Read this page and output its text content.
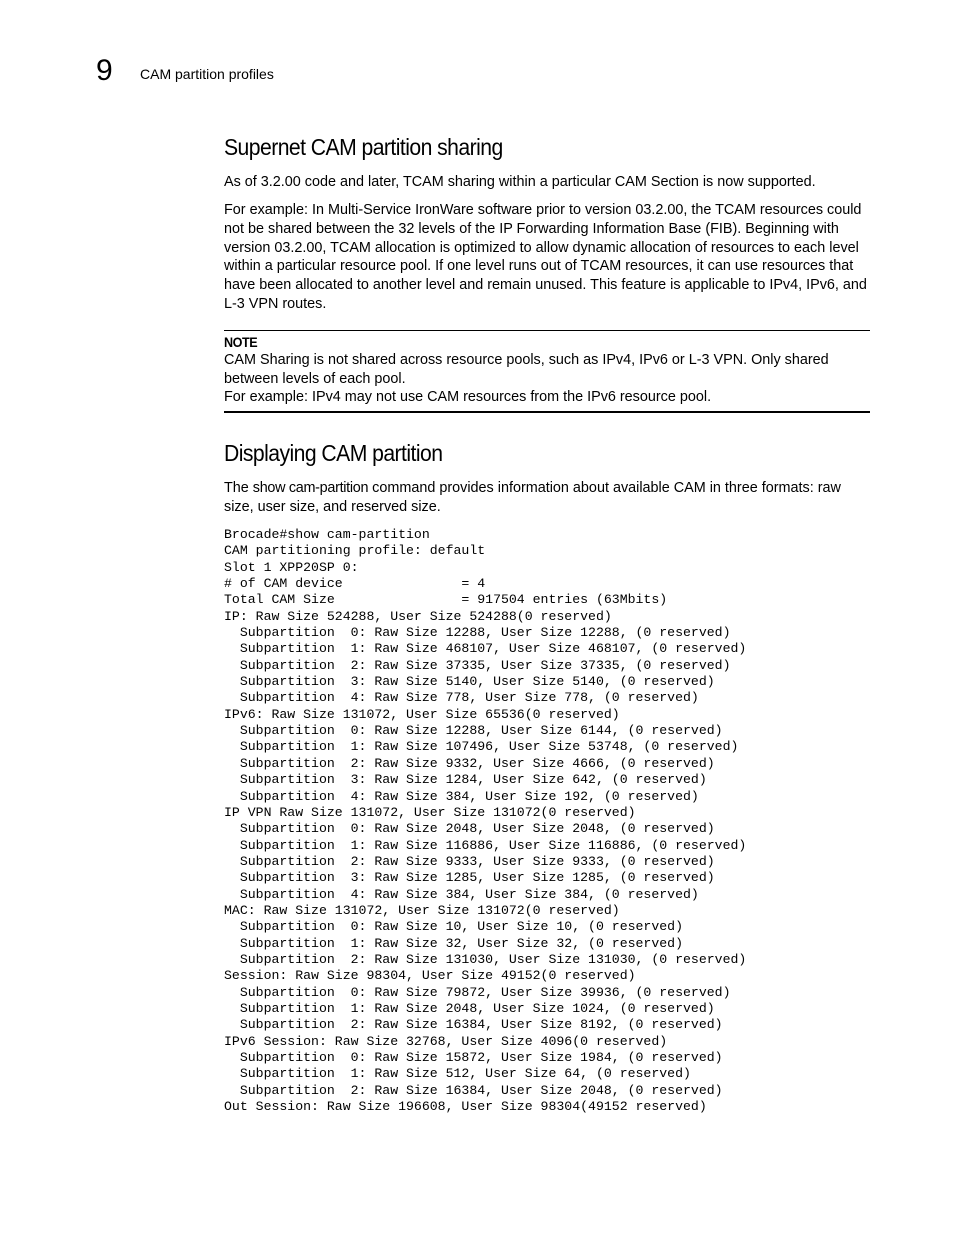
9 CAM partition profiles
Supernet CAM partition sharing
As of 3.2.00 code and later, TCAM sharing within a particular CAM Section is now supported.
For example: In Multi-Service IronWare software prior to version 03.2.00, the TCAM resources could not be shared between the 32 levels of the IP Forwarding Information Base (FIB). Beginning with version 03.2.00, TCAM allocation is optimized to allow dynamic allocation of resources to each level within a particular resource pool. If one level runs out of TCAM resources, it can use resources that have been allocated to another level and remain unused. This feature is applicable to IPv4, IPv6, and L-3 VPN routes.
NOTE
CAM Sharing is not shared across resource pools, such as IPv4, IPv6 or L-3 VPN. Only shared between levels of each pool.
For example: IPv4 may not use CAM resources from the IPv6 resource pool.
Displaying CAM partition
The show cam-partition command provides information about available CAM in three formats: raw size, user size, and reserved size.
Brocade#show cam-partition
CAM partitioning profile: default
Slot 1 XPP20SP 0:
# of CAM device               = 4
Total CAM Size                = 917504 entries (63Mbits)
IP: Raw Size 524288, User Size 524288(0 reserved)
Subpartition  0: Raw Size 12288, User Size 12288, (0 reserved)
Subpartition  1: Raw Size 468107, User Size 468107, (0 reserved)
Subpartition  2: Raw Size 37335, User Size 37335, (0 reserved)
Subpartition  3: Raw Size 5140, User Size 5140, (0 reserved)
Subpartition  4: Raw Size 778, User Size 778, (0 reserved)
IPv6: Raw Size 131072, User Size 65536(0 reserved)
Subpartition  0: Raw Size 12288, User Size 6144, (0 reserved)
Subpartition  1: Raw Size 107496, User Size 53748, (0 reserved)
Subpartition  2: Raw Size 9332, User Size 4666, (0 reserved)
Subpartition  3: Raw Size 1284, User Size 642, (0 reserved)
Subpartition  4: Raw Size 384, User Size 192, (0 reserved)
IP VPN Raw Size 131072, User Size 131072(0 reserved)
Subpartition  0: Raw Size 2048, User Size 2048, (0 reserved)
Subpartition  1: Raw Size 116886, User Size 116886, (0 reserved)
Subpartition  2: Raw Size 9333, User Size 9333, (0 reserved)
Subpartition  3: Raw Size 1285, User Size 1285, (0 reserved)
Subpartition  4: Raw Size 384, User Size 384, (0 reserved)
MAC: Raw Size 131072, User Size 131072(0 reserved)
Subpartition  0: Raw Size 10, User Size 10, (0 reserved)
Subpartition  1: Raw Size 32, User Size 32, (0 reserved)
Subpartition  2: Raw Size 131030, User Size 131030, (0 reserved)
Session: Raw Size 98304, User Size 49152(0 reserved)
Subpartition  0: Raw Size 79872, User Size 39936, (0 reserved)
Subpartition  1: Raw Size 2048, User Size 1024, (0 reserved)
Subpartition  2: Raw Size 16384, User Size 8192, (0 reserved)
IPv6 Session: Raw Size 32768, User Size 4096(0 reserved)
Subpartition  0: Raw Size 15872, User Size 1984, (0 reserved)
Subpartition  1: Raw Size 512, User Size 64, (0 reserved)
Subpartition  2: Raw Size 16384, User Size 2048, (0 reserved)
Out Session: Raw Size 196608, User Size 98304(49152 reserved)
